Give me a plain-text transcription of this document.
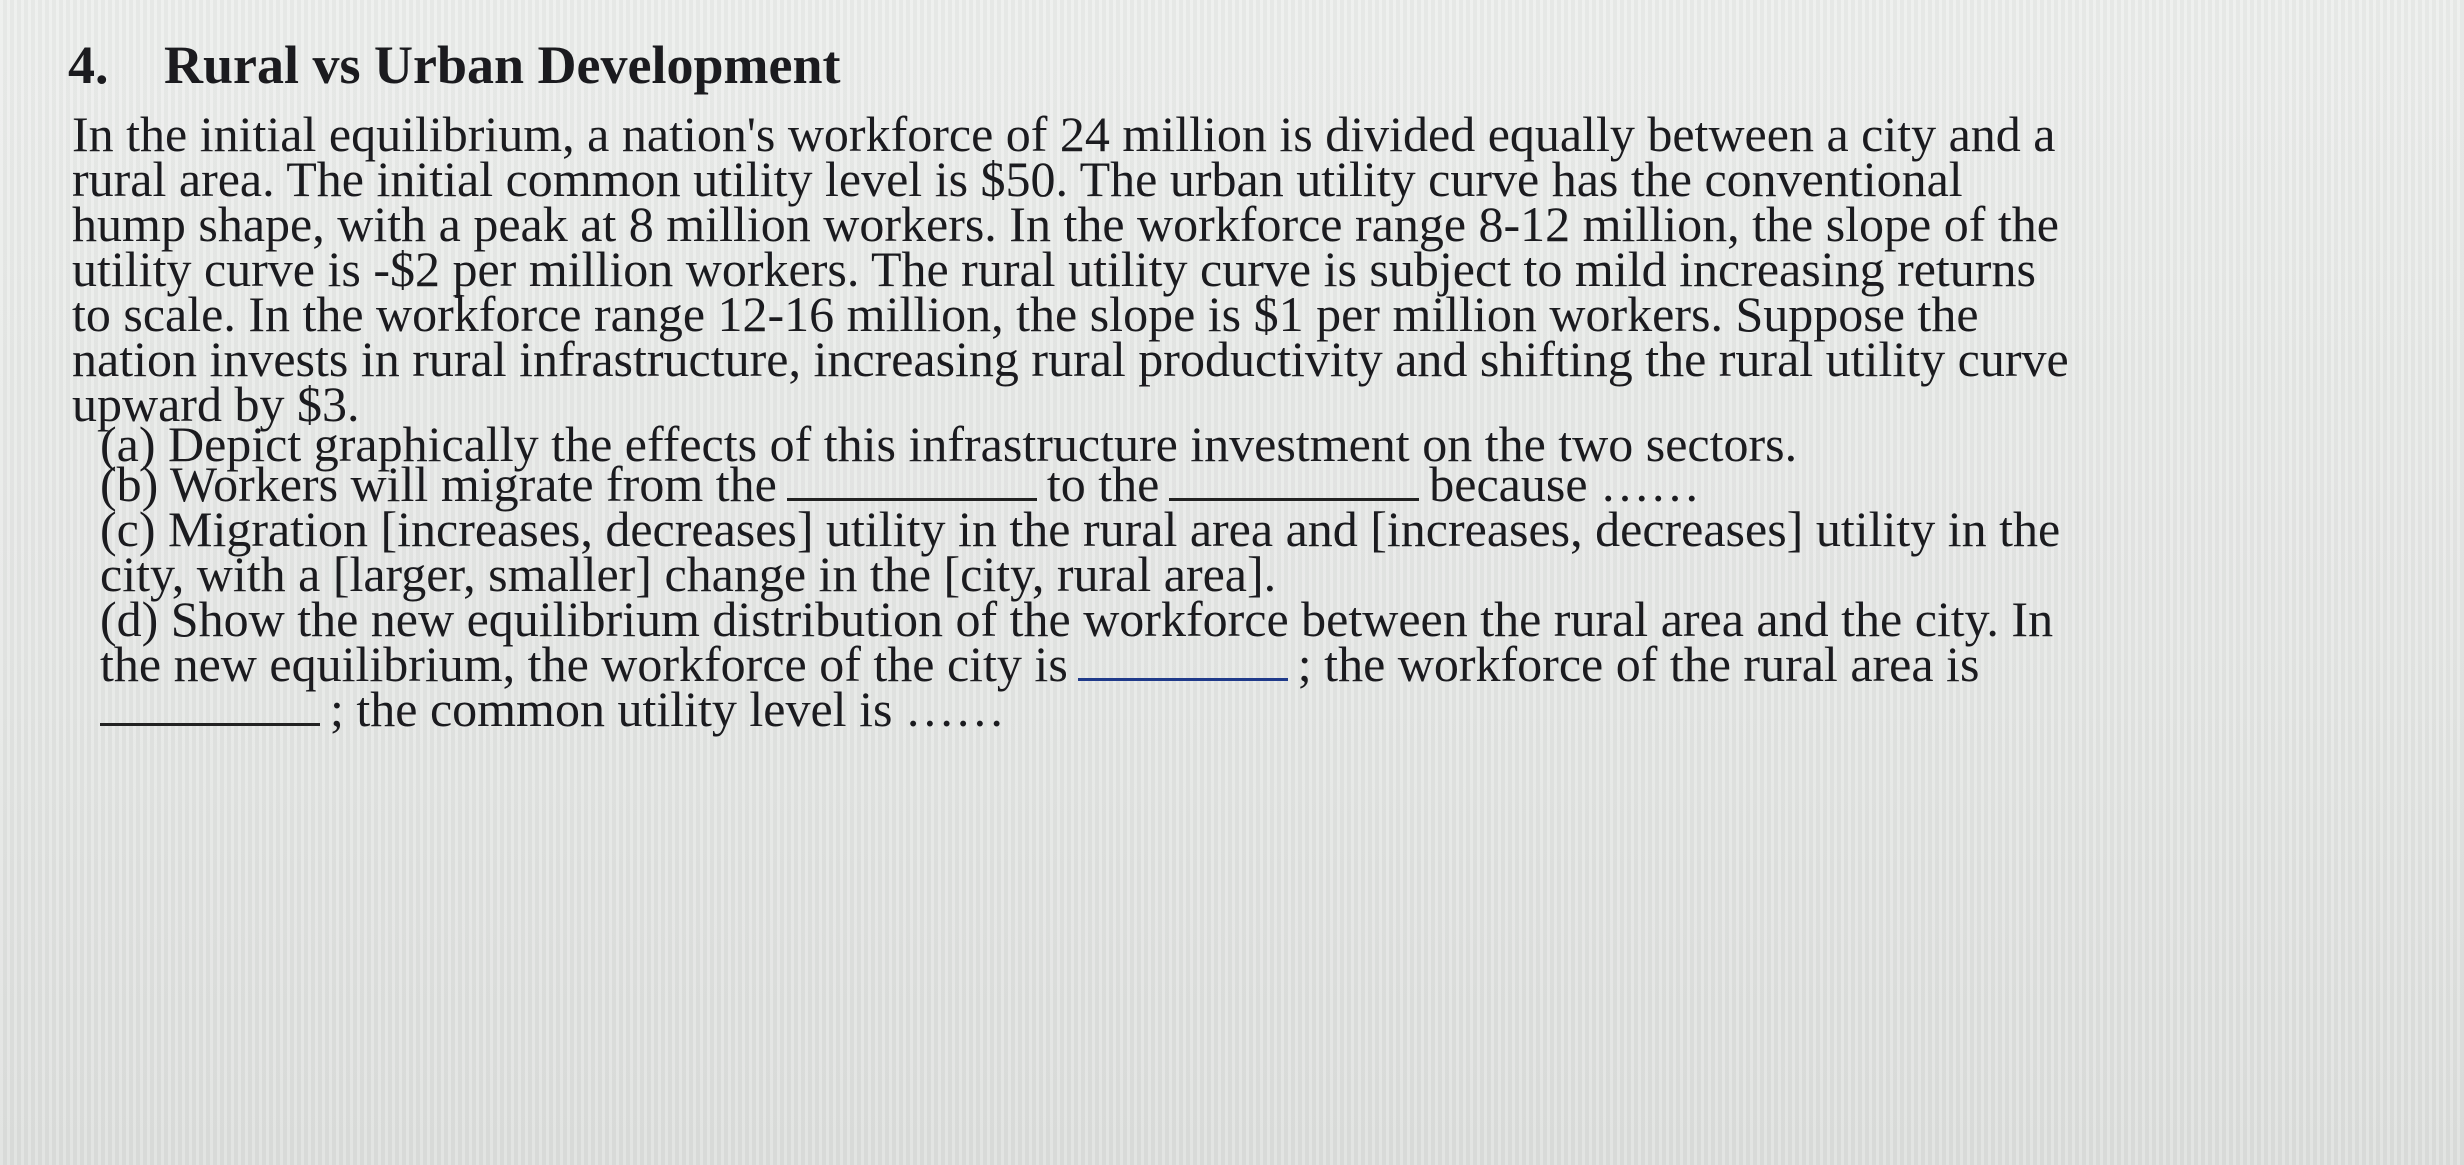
4. Rural vs Urban Development
In the initial equilibrium, a nation's workforce of 24 million is divided equally between a city and a
rural area. The initial common utility level is $50. The urban utility curve has the conventional
hump shape, with a peak at 8 million workers. In the workforce range 8-12 million, the slope of the
utility curve is -$2 per million workers. The rural utility curve is subject to mild increasing returns
to scale. In the workforce range 12-16 million, the slope is $1 per million workers. Suppose the
nation invests in rural infrastructure, increasing rural productivity and shifting the rural utility curve
upward by $3.
(a) Depict graphically the effects of this infrastructure investment on the two sectors.
(b) Workers will migrate from the	to the	because ……
(c) Migration [increases, decreases] utility in the rural area and [increases, decreases] utility in the
city, with a [larger, smaller] change in the [city, rural area].
(d) Show the new equilibrium distribution of the workforce between the rural area and the city. In
the new equilibrium, the workforce of the city is	; the workforce of the rural area is
; the common utility level is ……
